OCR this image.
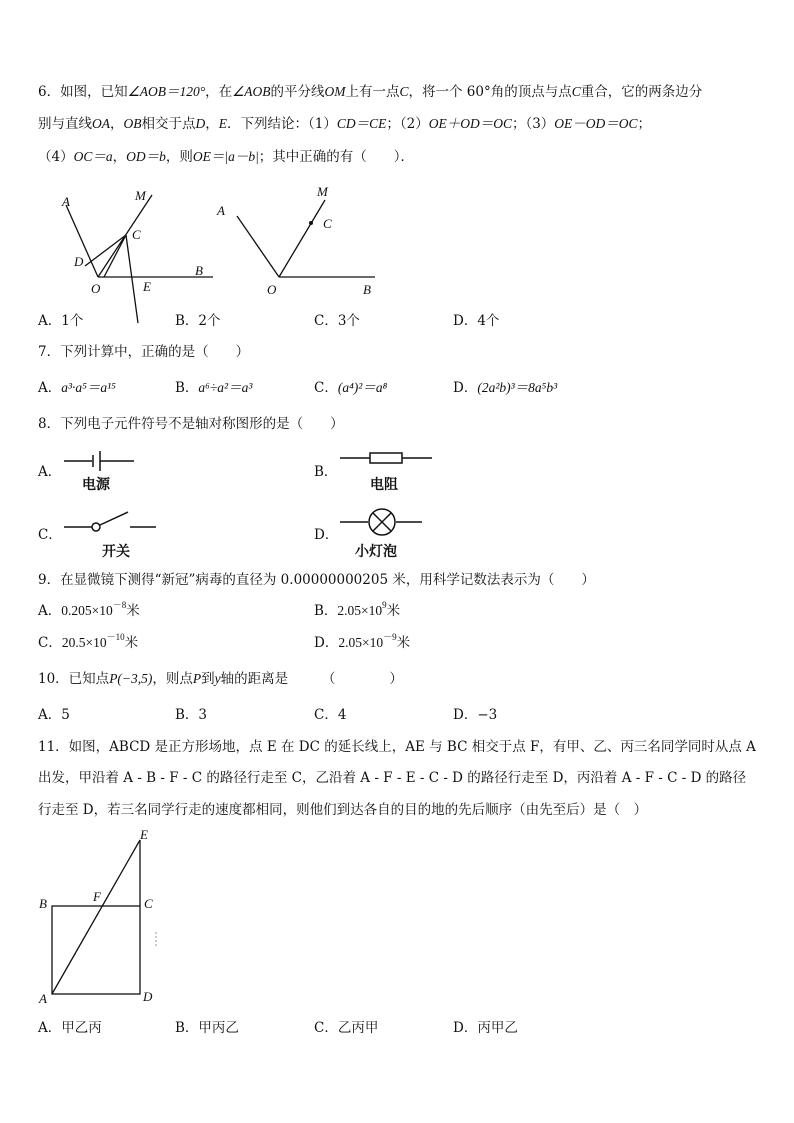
6．如图，已知∠AOB＝120°，在∠AOB的平分线OM上有一点C，将一个 60°角的顶点与点C重合，它的两条边分
别与直线OA，OB相交于点D，E．下列结论：（1）CD＝CE；（2）OE＋OD＝OC；（3）OE－OD＝OC；
（4）OC＝a，OD＝b，则OE＝|a－b|；其中正确的有（　　）．
A	M
C
D
O	E
B
A
M
C
O	B
A．1个	B．2个	C．3个	D．4个
7．下列计算中，正确的是（　　）
A．a³·a⁵＝a¹⁵	B．a⁶÷a²＝a³	C．(a⁴)²＝a⁸	D．(2a²b)³＝8a⁵b³
8．下列电子元件符号不是轴对称图形的是（　　）
A．
电源
B．
电阻
C．
开关
D．
小灯泡
9．在显微镜下测得“新冠”病毒的直径为 0.00000000205 米，用科学记数法表示为（　　）
A．$0.205\times 10^{-8}$米	B．$2.05\times 10^9$米
C．$20.5\times 10^{-10}$米	D．$2.05\times 10^{-9}$米
10．已知点P(−3,5)，则点P到y轴的距离是　　　（　　　　）
A．5	B．3	C．4	D．−3
11．如图，ABCD 是正方形场地，点 E 在 DC 的延长线上，AE 与 BC 相交于点 F，有甲、乙、丙三名同学同时从点 A
出发，甲沿着 A - B - F - C 的路径行走至 C，乙沿着 A - F - E - C - D 的路径行走至 D，丙沿着 A - F - C - D 的路径
行走至 D，若三名同学行走的速度都相同，则他们到达各自的目的地的先后顺序（由先至后）是（　）
E
B	F	C
A	D
A．甲乙丙	B．甲丙乙	C．乙丙甲	D．丙甲乙
